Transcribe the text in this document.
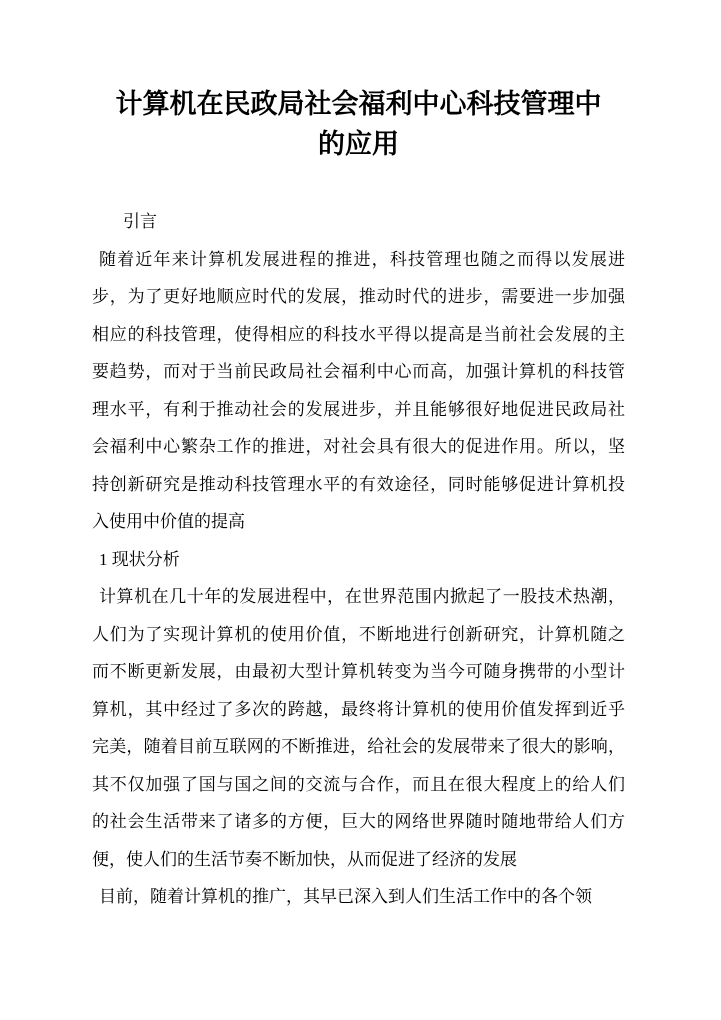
计算机在民政局社会福利中心科技管理中
的应用
引言
随着近年来计算机发展进程的推进，科技管理也随之而得以发展进
步，为了更好地顺应时代的发展，推动时代的进步，需要进一步加强
相应的科技管理，使得相应的科技水平得以提高是当前社会发展的主
要趋势，而对于当前民政局社会福利中心而高，加强计算机的科技管
理水平，有利于推动社会的发展进步，并且能够很好地促进民政局社
会福利中心繁杂工作的推进，对社会具有很大的促进作用。所以，坚
持创新研究是推动科技管理水平的有效途径，同时能够促进计算机投
入使用中价值的提高
1 现状分析
计算机在几十年的发展进程中，在世界范围内掀起了一股技术热潮，
人们为了实现计算机的使用价值，不断地进行创新研究，计算机随之
而不断更新发展，由最初大型计算机转变为当今可随身携带的小型计
算机，其中经过了多次的跨越，最终将计算机的使用价值发挥到近乎
完美，随着目前互联网的不断推进，给社会的发展带来了很大的影响，
其不仅加强了国与国之间的交流与合作，而且在很大程度上的给人们
的社会生活带来了诸多的方便，巨大的网络世界随时随地带给人们方
便，使人们的生活节奏不断加快，从而促进了经济的发展
目前，随着计算机的推广，其早已深入到人们生活工作中的各个领
